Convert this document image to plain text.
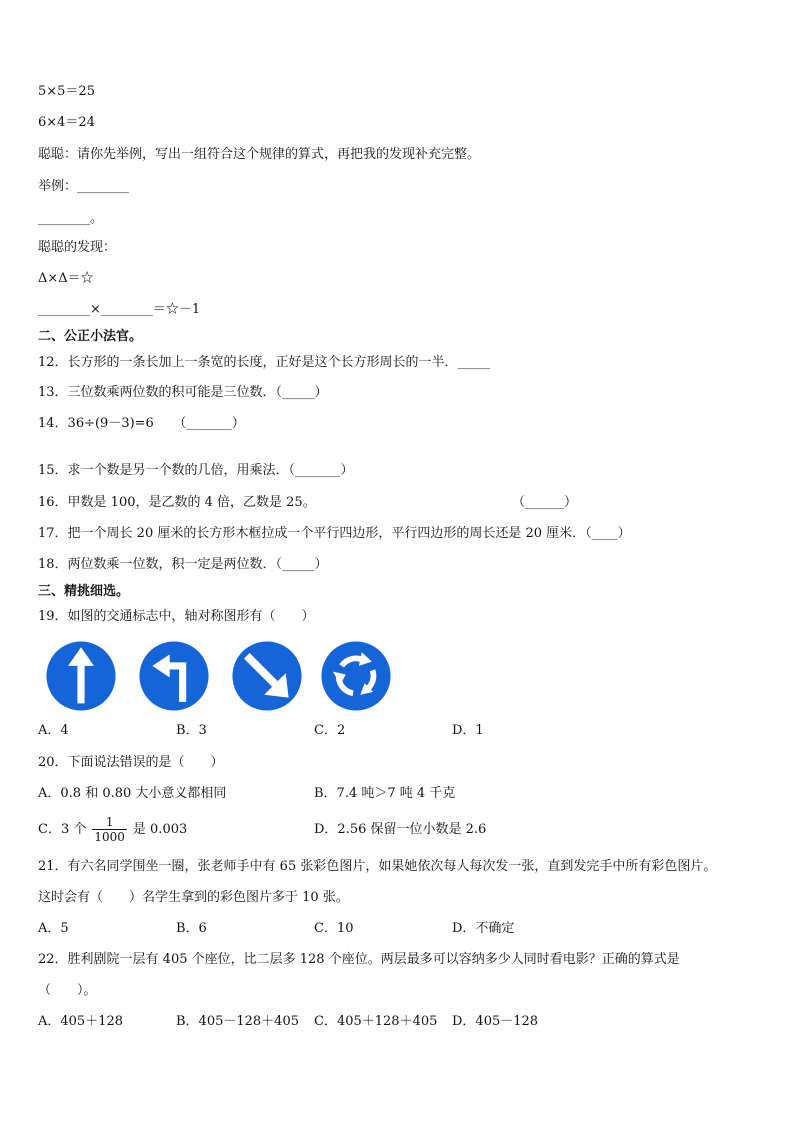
5×5＝25
6×4＝24
聪聪：请你先举例，写出一组符合这个规律的算式，再把我的发现补充完整。
举例：________
________。
聪聪的发现：
Δ×Δ＝☆
________×________＝☆－1
二、公正小法官。
12．长方形的一条长加上一条宽的长度，正好是这个长方形周长的一半．_____
13．三位数乘两位数的积可能是三位数．（_____）
14．36÷(9－3)=6　　（_______）
15．求一个数是另一个数的几倍，用乘法．（_______）
16．甲数是 100，是乙数的 4 倍，乙数是 25。	（______）
17．把一个周长 20 厘米的长方形木框拉成一个平行四边形，平行四边形的周长还是 20 厘米．（____）
18．两位数乘一位数，积一定是两位数．（_____）
三、精挑细选。
19．如图的交通标志中，轴对称图形有（　　）
A．4	B．3	C．2	D．1
20．下面说法错误的是（　　）
A．0.8 和 0.80 大小意义都相同	B．7.4 吨＞7 吨 4 千克
C．3 个 $\frac{1}{1000}$ 是 0.003	D．2.56 保留一位小数是 2.6
21．有六名同学围坐一圈，张老师手中有 65 张彩色图片，如果她依次每人每次发一张，直到发完手中所有彩色图片。
这时会有（　　）名学生拿到的彩色图片多于 10 张。
A．5	B．6	C．10	D．不确定
22．胜利剧院一层有 405 个座位，比二层多 128 个座位。两层最多可以容纳多少人同时看电影？正确的算式是
（　　）。
A．405＋128	B．405－128＋405 C．405＋128＋405 D．405－128
